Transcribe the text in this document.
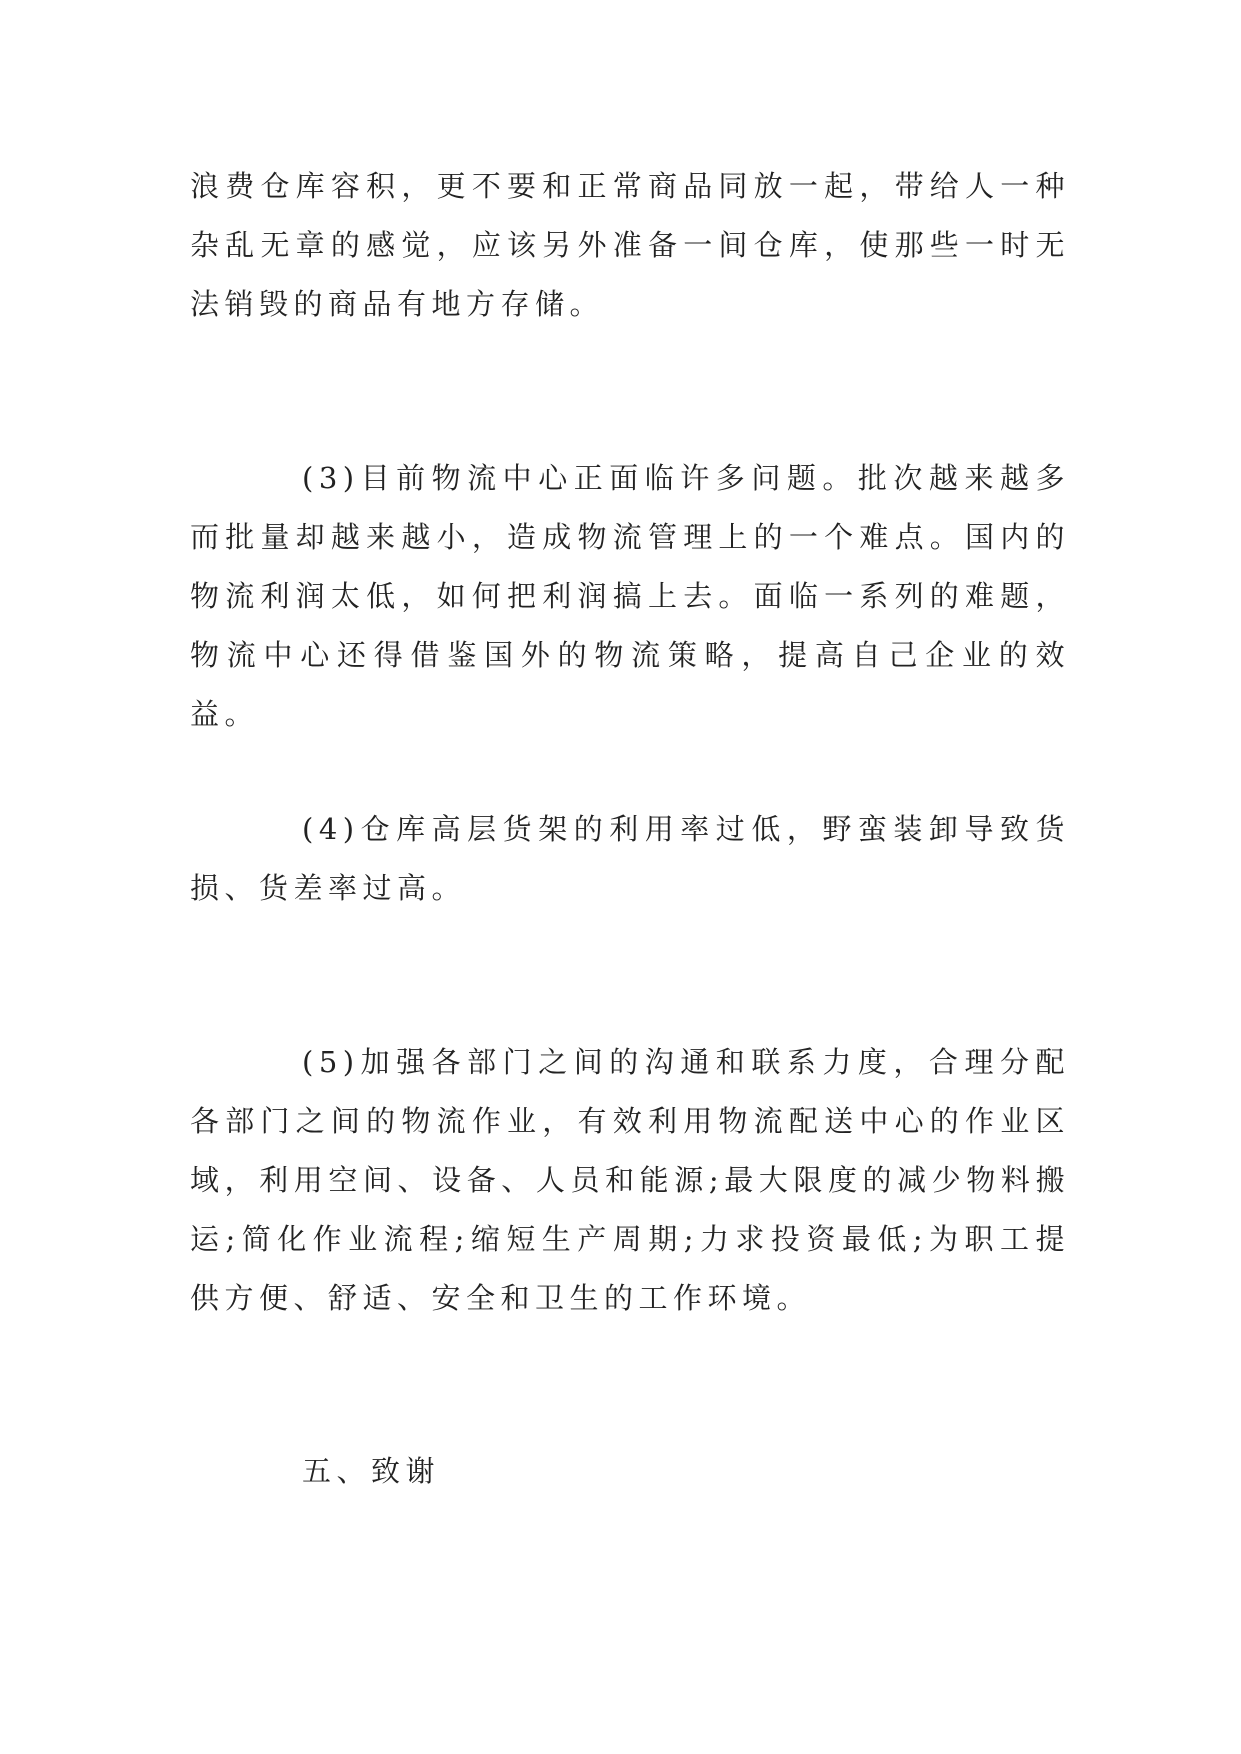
浪费仓库容积，更不要和正常商品同放一起，带给人一种杂乱无章的感觉，应该另外准备一间仓库，使那些一时无法销毁的商品有地方存储。

(3)目前物流中心正面临许多问题。批次越来越多而批量却越来越小，造成物流管理上的一个难点。国内的物流利润太低，如何把利润搞上去。面临一系列的难题，物流中心还得借鉴国外的物流策略，提高自己企业的效益。

(4)仓库高层货架的利用率过低，野蛮装卸导致货损、货差率过高。

(5)加强各部门之间的沟通和联系力度，合理分配各部门之间的物流作业，有效利用物流配送中心的作业区域，利用空间、设备、人员和能源;最大限度的减少物料搬运;简化作业流程;缩短生产周期;力求投资最低;为职工提供方便、舒适、安全和卫生的工作环境。

五、致谢
